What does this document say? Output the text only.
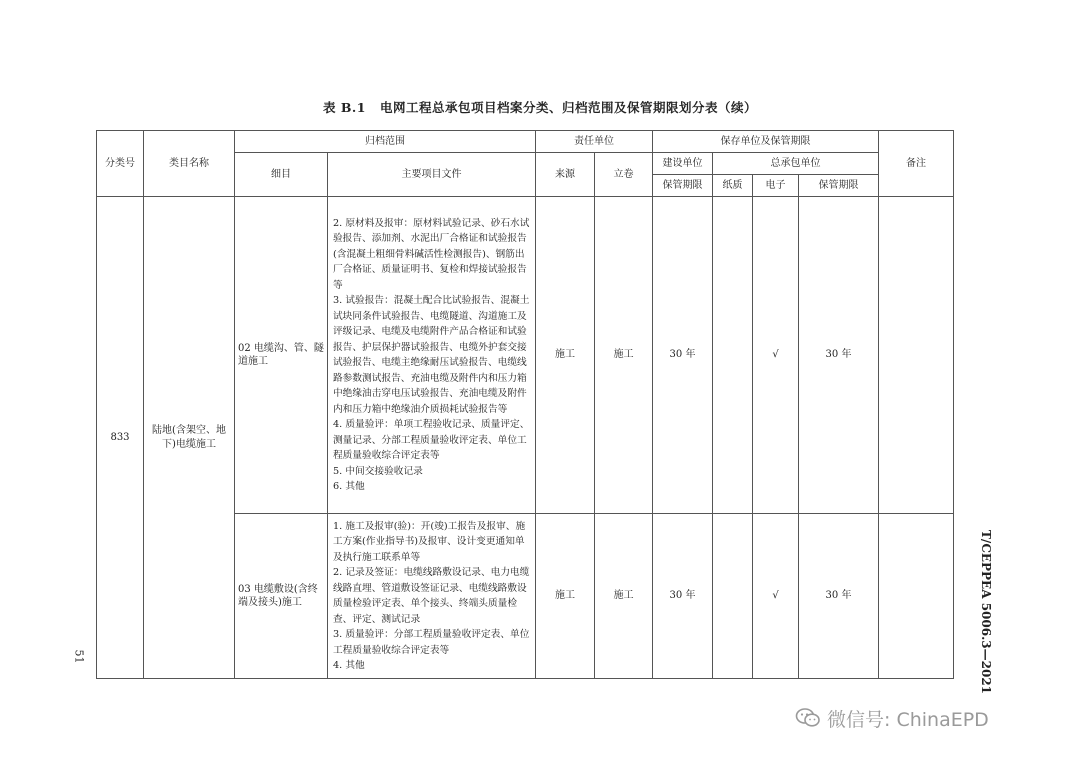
表 B.1 电网工程总承包项目档案分类、归档范围及保管期限划分表（续）
分类号	类目名称	归档范围		责任单位		保存单位及保管期限				备注
		细目	主要项目文件	来源	立卷	建设单位	总承包单位			
						保管期限	纸质	电子	保管期限	
833	陆地(含架空、地下)电缆施工	02 电缆沟、管、隧道施工	2. 原材料及报审：原材料试验记录、砂石水试验报告、添加剂、水泥出厂合格证和试验报告(含混凝土粗细骨料碱活性检测报告)、钢筋出厂合格证、质量证明书、复检和焊接试验报告等
3. 试验报告：混凝土配合比试验报告、混凝土试块同条件试验报告、电缆隧道、沟道施工及评级记录、电缆及电缆附件产品合格证和试验报告、护层保护器试验报告、电缆外护套交接试验报告、电缆主绝缘耐压试验报告、电缆线路参数测试报告、充油电缆及附件内和压力箱中绝缘油击穿电压试验报告、充油电缆及附件内和压力箱中绝缘油介质损耗试验报告等
4. 质量验评：单项工程验收记录、质量评定、测量记录、分部工程质量验收评定表、单位工程质量验收综合评定表等
5. 中间交接验收记录
6. 其他	施工	施工	30 年		√	30 年	
		03 电缆敷设(含终端及接头)施工	1. 施工及报审(验)：开(竣)工报告及报审、施工方案(作业指导书)及报审、设计变更通知单及执行施工联系单等
2. 记录及签证：电缆线路敷设记录、电力电缆线路直埋、管道敷设签证记录、电缆线路敷设质量检验评定表、单个接头、终端头质量检查、评定、测试记录
3. 质量验评：分部工程质量验收评定表、单位工程质量验收综合评定表等
4. 其他	施工	施工	30 年		√	30 年		T/CEPPEA 5006.3—2021
51
微信号: ChinaEPD
